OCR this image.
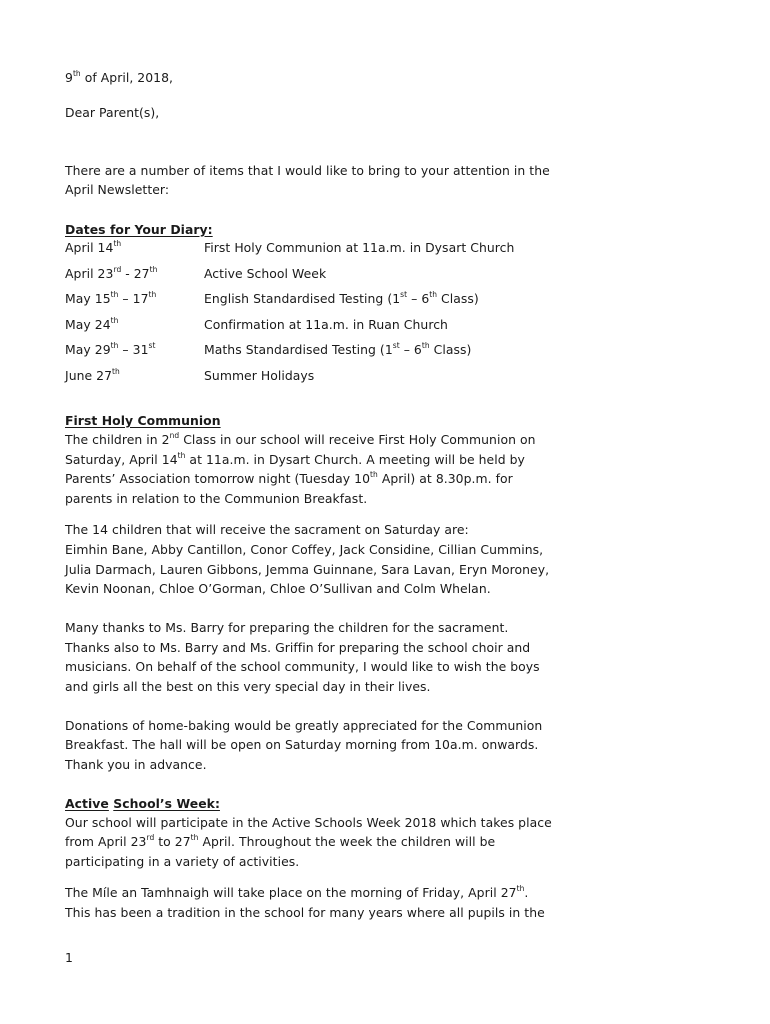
9th of April, 2018,
Dear Parent(s),
There are a number of items that I would like to bring to your attention in the
April Newsletter:
Dates for Your Diary:
April 14th	First Holy Communion at 11a.m. in Dysart Church
April 23rd - 27th	Active School Week
May 15th – 17th	English Standardised Testing (1st – 6th Class)
May 24th	Confirmation at 11a.m. in Ruan Church
May 29th – 31st	Maths Standardised Testing (1st – 6th Class)
June 27th	Summer Holidays
First Holy Communion
The children in 2nd Class in our school will receive First Holy Communion on
Saturday, April 14th at 11a.m. in Dysart Church. A meeting will be held by
Parents’ Association tomorrow night (Tuesday 10th April) at 8.30p.m. for
parents in relation to the Communion Breakfast.
The 14 children that will receive the sacrament on Saturday are:
Eimhin Bane, Abby Cantillon, Conor Coffey, Jack Considine, Cillian Cummins,
Julia Darmach, Lauren Gibbons, Jemma Guinnane, Sara Lavan, Eryn Moroney,
Kevin Noonan, Chloe O’Gorman, Chloe O’Sullivan and Colm Whelan.
Many thanks to Ms. Barry for preparing the children for the sacrament.
Thanks also to Ms. Barry and Ms. Griffin for preparing the school choir and
musicians. On behalf of the school community, I would like to wish the boys
and girls all the best on this very special day in their lives.
Donations of home-baking would be greatly appreciated for the Communion
Breakfast. The hall will be open on Saturday morning from 10a.m. onwards.
Thank you in advance.
Active School’s Week:
Our school will participate in the Active Schools Week 2018 which takes place
from April 23rd to 27th April. Throughout the week the children will be
participating in a variety of activities.
The Míle an Tamhnaigh will take place on the morning of Friday, April 27th.
This has been a tradition in the school for many years where all pupils in the
1
